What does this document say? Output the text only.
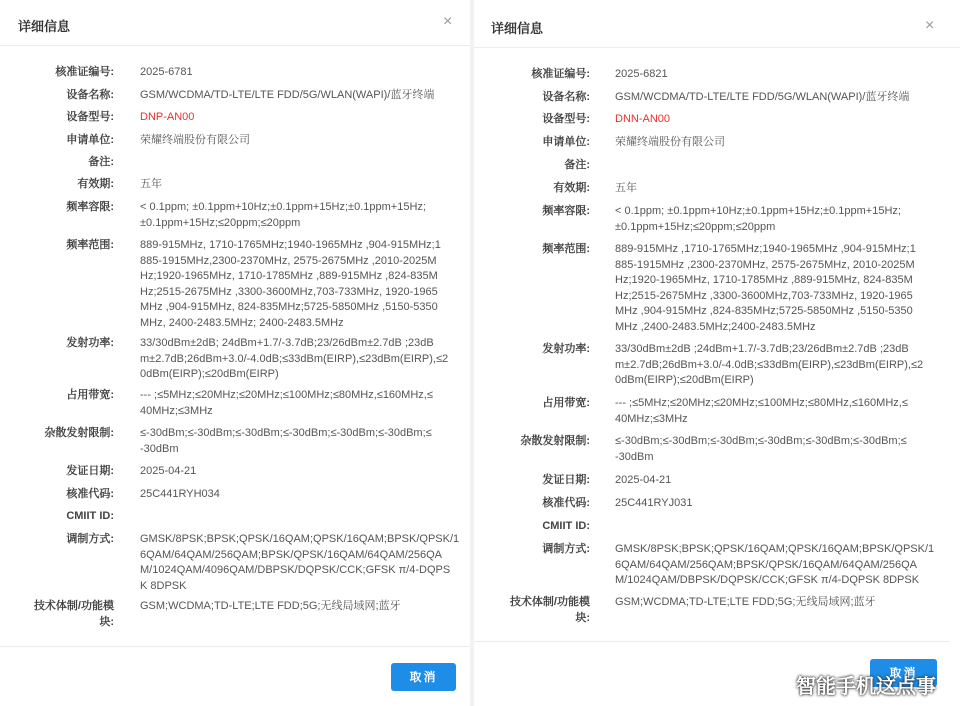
详细信息	×
核准证编号: 2025-6781
设备名称: GSM/WCDMA/TD-LTE/LTE FDD/5G/WLAN(WAPI)/蓝牙终端
设备型号: DNP-AN00
申请单位: 荣耀终端股份有限公司
备注:
有效期: 五年
频率容限: < 0.1ppm; ±0.1ppm+10Hz;±0.1ppm+15Hz;±0.1ppm+15Hz;
±0.1ppm+15Hz;≤20ppm;≤20ppm
频率范围: 889-915MHz, 1710-1765MHz;1940-1965MHz ,904-915MHz;1
885-1915MHz,2300-2370MHz, 2575-2675MHz ,2010-2025M
Hz;1920-1965MHz, 1710-1785MHz ,889-915MHz ,824-835M
Hz;2515-2675MHz ,3300-3600MHz,703-733MHz, 1920-1965
MHz ,904-915MHz, 824-835MHz;5725-5850MHz ,5150-5350
MHz, 2400-2483.5MHz; 2400-2483.5MHz
发射功率: 33/30dBm±2dB; 24dBm+1.7/-3.7dB;23/26dBm±2.7dB ;23dB
m±2.7dB;26dBm+3.0/-4.0dB;≤33dBm(EIRP),≤23dBm(EIRP),≤2
0dBm(EIRP);≤20dBm(EIRP)
占用带宽: --- ;≤5MHz;≤20MHz;≤20MHz;≤100MHz;≤80MHz,≤160MHz,≤
40MHz;≤3MHz
杂散发射限制: ≤-30dBm;≤-30dBm;≤-30dBm;≤-30dBm;≤-30dBm;≤-30dBm;≤
-30dBm
发证日期: 2025-04-21
核准代码: 25C441RYH034
CMIIT ID:
调制方式: GMSK/8PSK;BPSK;QPSK/16QAM;QPSK/16QAM;BPSK/QPSK/1
6QAM/64QAM/256QAM;BPSK/QPSK/16QAM/64QAM/256QA
M/1024QAM/4096QAM/DBPSK/DQPSK/CCK;GFSK π/4-DQPS
K 8DPSK
技术体制/功能模
块:
GSM;WCDMA;TD-LTE;LTE FDD;5G;无线局域网;蓝牙
取消
详细信息	×
核准证编号: 2025-6821
设备名称: GSM/WCDMA/TD-LTE/LTE FDD/5G/WLAN(WAPI)/蓝牙终端
设备型号: DNN-AN00
申请单位: 荣耀终端股份有限公司
备注:
有效期: 五年
频率容限: < 0.1ppm; ±0.1ppm+10Hz;±0.1ppm+15Hz;±0.1ppm+15Hz;
±0.1ppm+15Hz;≤20ppm;≤20ppm
频率范围: 889-915MHz ,1710-1765MHz;1940-1965MHz ,904-915MHz;1
885-1915MHz ,2300-2370MHz, 2575-2675MHz, 2010-2025M
Hz;1920-1965MHz, 1710-1785MHz ,889-915MHz, 824-835M
Hz;2515-2675MHz ,3300-3600MHz,703-733MHz, 1920-1965
MHz ,904-915MHz ,824-835MHz;5725-5850MHz ,5150-5350
MHz ,2400-2483.5MHz;2400-2483.5MHz
发射功率: 33/30dBm±2dB ;24dBm+1.7/-3.7dB;23/26dBm±2.7dB ;23dB
m±2.7dB;26dBm+3.0/-4.0dB;≤33dBm(EIRP),≤23dBm(EIRP),≤2
0dBm(EIRP);≤20dBm(EIRP)
占用带宽: --- ;≤5MHz;≤20MHz;≤20MHz;≤100MHz;≤80MHz,≤160MHz,≤
40MHz;≤3MHz
杂散发射限制: ≤-30dBm;≤-30dBm;≤-30dBm;≤-30dBm;≤-30dBm;≤-30dBm;≤
-30dBm
发证日期: 2025-04-21
核准代码: 25C441RYJ031
CMIIT ID:
调制方式: GMSK/8PSK;BPSK;QPSK/16QAM;QPSK/16QAM;BPSK/QPSK/1
6QAM/64QAM/256QAM;BPSK/QPSK/16QAM/64QAM/256QA
M/1024QAM/DBPSK/DQPSK/CCK;GFSK π/4-DQPSK 8DPSK
技术体制/功能模
块:
GSM;WCDMA;TD-LTE;LTE FDD;5G;无线局域网;蓝牙
取消
智能手机这点事
